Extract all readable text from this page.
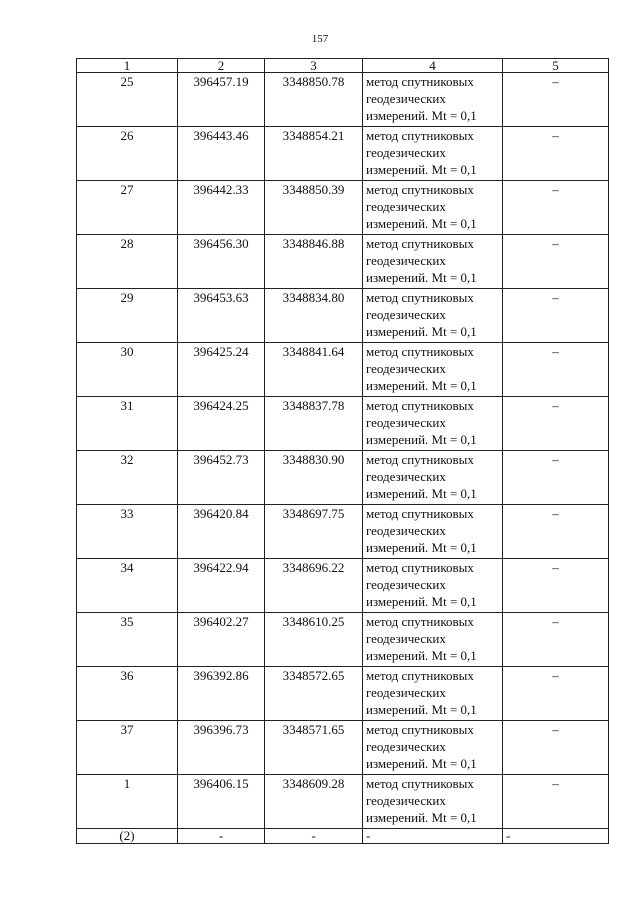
157
1	2	3	4	5
25	396457.19	3348850.78	метод спутниковых
геодезических
измерений. Mt = 0,1	–
26	396443.46	3348854.21	метод спутниковых
геодезических
измерений. Mt = 0,1	–
27	396442.33	3348850.39	метод спутниковых
геодезических
измерений. Mt = 0,1	–
28	396456.30	3348846.88	метод спутниковых
геодезических
измерений. Mt = 0,1	–
29	396453.63	3348834.80	метод спутниковых
геодезических
измерений. Mt = 0,1	–
30	396425.24	3348841.64	метод спутниковых
геодезических
измерений. Mt = 0,1	–
31	396424.25	3348837.78	метод спутниковых
геодезических
измерений. Mt = 0,1	–
32	396452.73	3348830.90	метод спутниковых
геодезических
измерений. Mt = 0,1	–
33	396420.84	3348697.75	метод спутниковых
геодезических
измерений. Mt = 0,1	–
34	396422.94	3348696.22	метод спутниковых
геодезических
измерений. Mt = 0,1	–
35	396402.27	3348610.25	метод спутниковых
геодезических
измерений. Mt = 0,1	–
36	396392.86	3348572.65	метод спутниковых
геодезических
измерений. Mt = 0,1	–
37	396396.73	3348571.65	метод спутниковых
геодезических
измерений. Mt = 0,1	–
1	396406.15	3348609.28	метод спутниковых
геодезических
измерений. Mt = 0,1	–
(2)	-	-	-	-
